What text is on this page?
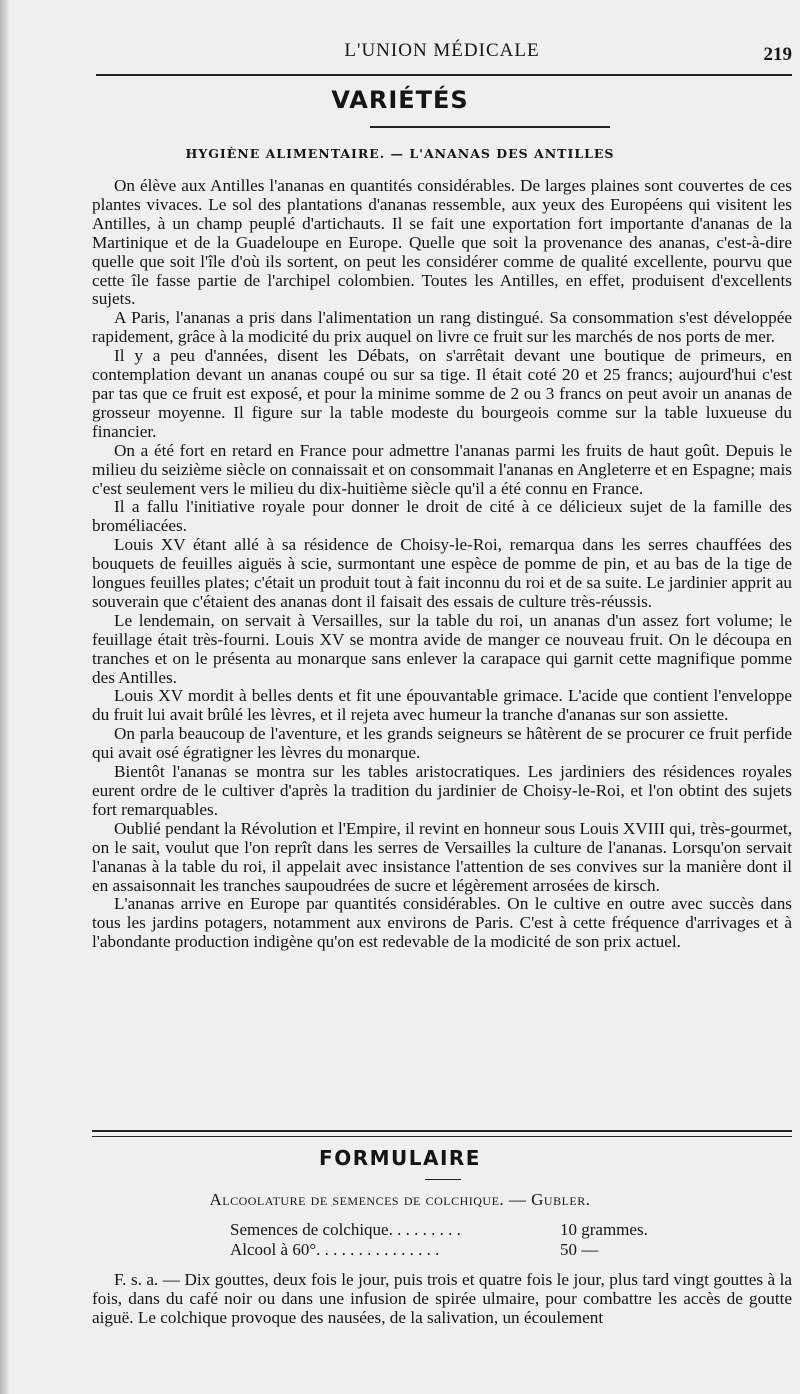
L'UNION MÉDICALE	219
VARIÉTÉS
HYGIÈNE ALIMENTAIRE. — L'ANANAS DES ANTILLES

On élève aux Antilles l'ananas en quantités considérables. De larges plaines sont couvertes de ces plantes vivaces. Le sol des plantations d'ananas ressemble, aux yeux des Européens qui visitent les Antilles, à un champ peuplé d'artichauts. Il se fait une exportation fort importante d'ananas de la Martinique et de la Guadeloupe en Europe. Quelle que soit la provenance des ananas, c'est-à-dire quelle que soit l'île d'où ils sortent, on peut les considérer comme de qualité excellente, pourvu que cette île fasse partie de l'archipel colombien. Toutes les Antilles, en effet, produisent d'excellents sujets.

A Paris, l'ananas a pris dans l'alimentation un rang distingué. Sa consommation s'est développée rapidement, grâce à la modicité du prix auquel on livre ce fruit sur les marchés de nos ports de mer.

Il y a peu d'années, disent les Débats, on s'arrêtait devant une boutique de primeurs, en contemplation devant un ananas coupé ou sur sa tige. Il était coté 20 et 25 francs; aujourd'hui c'est par tas que ce fruit est exposé, et pour la minime somme de 2 ou 3 francs on peut avoir un ananas de grosseur moyenne. Il figure sur la table modeste du bourgeois comme sur la table luxueuse du financier.

On a été fort en retard en France pour admettre l'ananas parmi les fruits de haut goût. Depuis le milieu du seizième siècle on connaissait et on consommait l'ananas en Angleterre et en Espagne; mais c'est seulement vers le milieu du dix-huitième siècle qu'il a été connu en France.

Il a fallu l'initiative royale pour donner le droit de cité à ce délicieux sujet de la famille des broméliacées.

Louis XV étant allé à sa résidence de Choisy-le-Roi, remarqua dans les serres chauffées des bouquets de feuilles aiguës à scie, surmontant une espèce de pomme de pin, et au bas de la tige de longues feuilles plates; c'était un produit tout à fait inconnu du roi et de sa suite. Le jardinier apprit au souverain que c'étaient des ananas dont il faisait des essais de culture très-réussis.

Le lendemain, on servait à Versailles, sur la table du roi, un ananas d'un assez fort volume; le feuillage était très-fourni. Louis XV se montra avide de manger ce nouveau fruit. On le découpa en tranches et on le présenta au monarque sans enlever la carapace qui garnit cette magnifique pomme des Antilles.

Louis XV mordit à belles dents et fit une épouvantable grimace. L'acide que contient l'enveloppe du fruit lui avait brûlé les lèvres, et il rejeta avec humeur la tranche d'ananas sur son assiette.

On parla beaucoup de l'aventure, et les grands seigneurs se hâtèrent de se procurer ce fruit perfide qui avait osé égratigner les lèvres du monarque.

Bientôt l'ananas se montra sur les tables aristocratiques. Les jardiniers des résidences royales eurent ordre de le cultiver d'après la tradition du jardinier de Choisy-le-Roi, et l'on obtint des sujets fort remarquables.

Oublié pendant la Révolution et l'Empire, il revint en honneur sous Louis XVIII qui, très-gourmet, on le sait, voulut que l'on reprît dans les serres de Versailles la culture de l'ananas. Lorsqu'on servait l'ananas à la table du roi, il appelait avec insistance l'attention de ses convives sur la manière dont il en assaisonnait les tranches saupoudrées de sucre et légèrement arrosées de kirsch.

L'ananas arrive en Europe par quantités considérables. On le cultive en outre avec succès dans tous les jardins potagers, notamment aux environs de Paris. C'est à cette fréquence d'arrivages et à l'abondante production indigène qu'on est redevable de la modicité de son prix actuel.

FORMULAIRE
Alcoolature de semences de colchique. — Gubler.
Semences de colchique. . . . . . . . .	10 grammes.
Alcool à 60°. . . . . . . . . . . . . . .	50 —

F. s. a. — Dix gouttes, deux fois le jour, puis trois et quatre fois le jour, plus tard vingt gouttes à la fois, dans du café noir ou dans une infusion de spirée ulmaire, pour combattre les accès de goutte aiguë. Le colchique provoque des nausées, de la salivation, un écoulement
